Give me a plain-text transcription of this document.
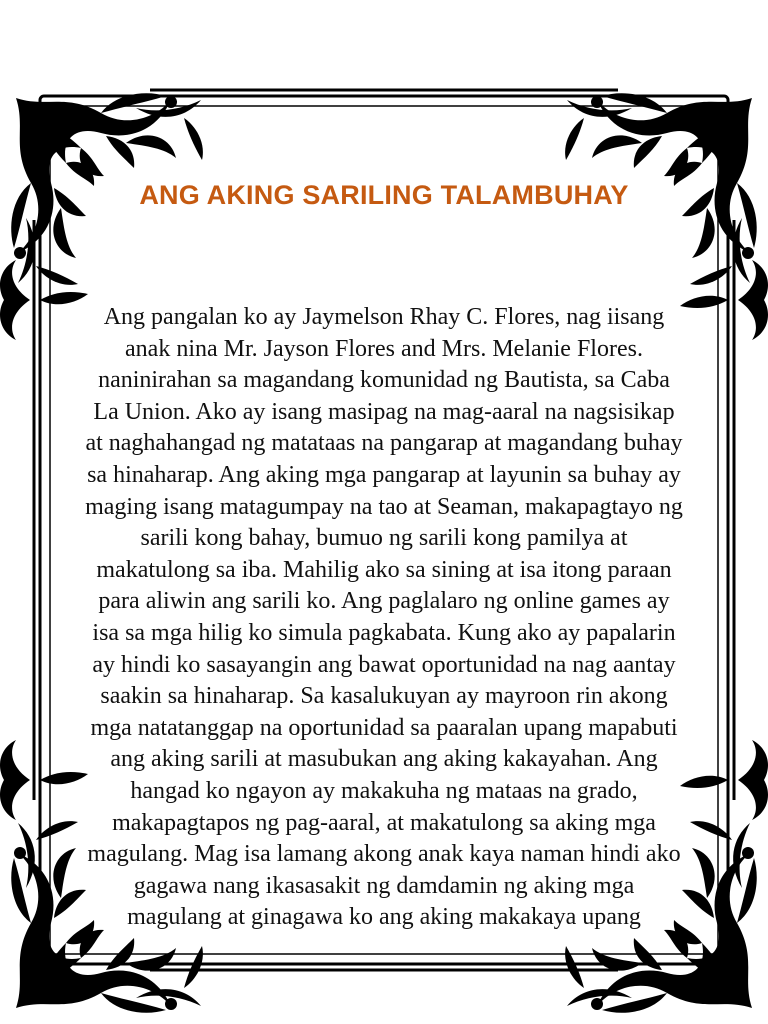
ANG AKING SARILING TALAMBUHAY
Ang pangalan ko ay Jaymelson Rhay C. Flores, nag iisang
anak nina Mr. Jayson Flores and Mrs. Melanie Flores.
naninirahan sa magandang komunidad ng Bautista, sa Caba
La Union. Ako ay isang masipag na mag-aaral na nagsisikap
at naghahangad ng matataas na pangarap at magandang buhay
sa hinaharap. Ang aking mga pangarap at layunin sa buhay ay
maging isang matagumpay na tao at Seaman, makapagtayo ng
sarili kong bahay, bumuo ng sarili kong pamilya at
makatulong sa iba. Mahilig ako sa sining at isa itong paraan
para aliwin ang sarili ko. Ang paglalaro ng online games ay
isa sa mga hilig ko simula pagkabata. Kung ako ay papalarin
ay hindi ko sasayangin ang bawat oportunidad na nag aantay
saakin sa hinaharap. Sa kasalukuyan ay mayroon rin akong
mga natatanggap na oportunidad sa paaralan upang mapabuti
ang aking sarili at masubukan ang aking kakayahan. Ang
hangad ko ngayon ay makakuha ng mataas na grado,
makapagtapos ng pag-aaral, at makatulong sa aking mga
magulang. Mag isa lamang akong anak kaya naman hindi ako
gagawa nang ikasasakit ng damdamin ng aking mga
magulang at ginagawa ko ang aking makakaya upang
